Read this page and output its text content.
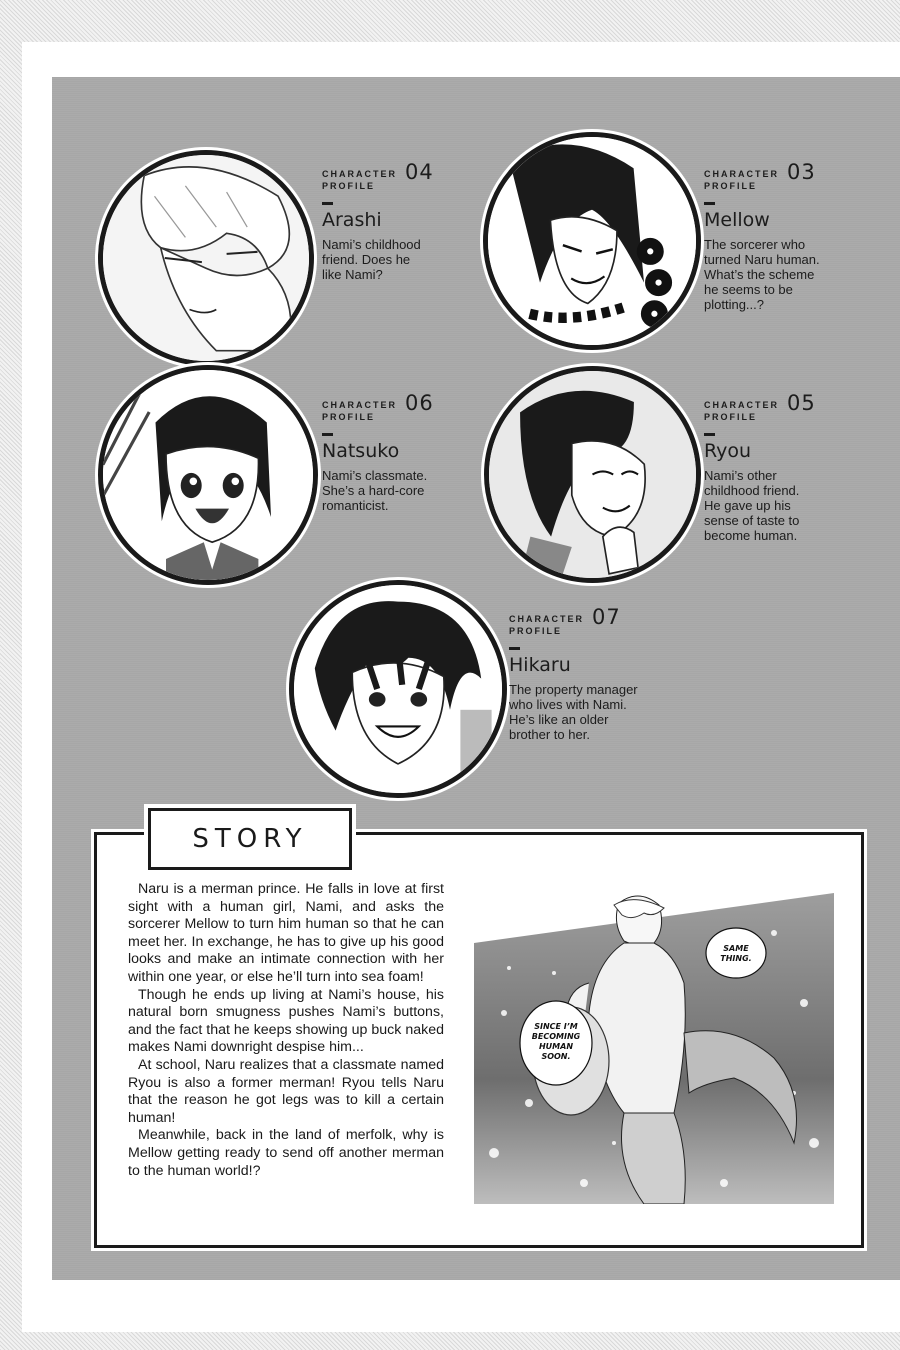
CHARACTER PROFILE
04
Arashi
Nami’s childhood
friend. Does he
like Nami?
CHARACTER PROFILE
03
Mellow
The sorcerer who
turned Naru human.
What’s the scheme
he seems to be
plotting...?
CHARACTER PROFILE
06
Natsuko
Nami’s classmate.
She’s a hard-core
romanticist.
CHARACTER PROFILE
05
Ryou
Nami’s other
childhood friend.
He gave up his
sense of taste to
become human.
CHARACTER PROFILE
07
Hikaru
The property manager
who lives with Nami.
He’s like an older
brother to her.
STORY

Naru is a merman prince. He falls in love at first sight with a human girl, Nami, and asks the sorcerer Mellow to turn him human so that he can meet her. In exchange, he has to give up his good looks and make an intimate connection with her within one year, or else he’ll turn into sea foam!

Though he ends up living at Nami’s house, his natural born smugness pushes Nami’s buttons, and the fact that he keeps showing up buck naked makes Nami downright despise him...

At school, Naru realizes that a classmate named Ryou is also a former merman! Ryou tells Naru that the reason he got legs was to kill a certain human!

Meanwhile, back in the land of merfolk, why is Mellow getting ready to send off another merman to the human world!?

SAME
THING.
SINCE I’M
BECOMING
HUMAN
SOON.
